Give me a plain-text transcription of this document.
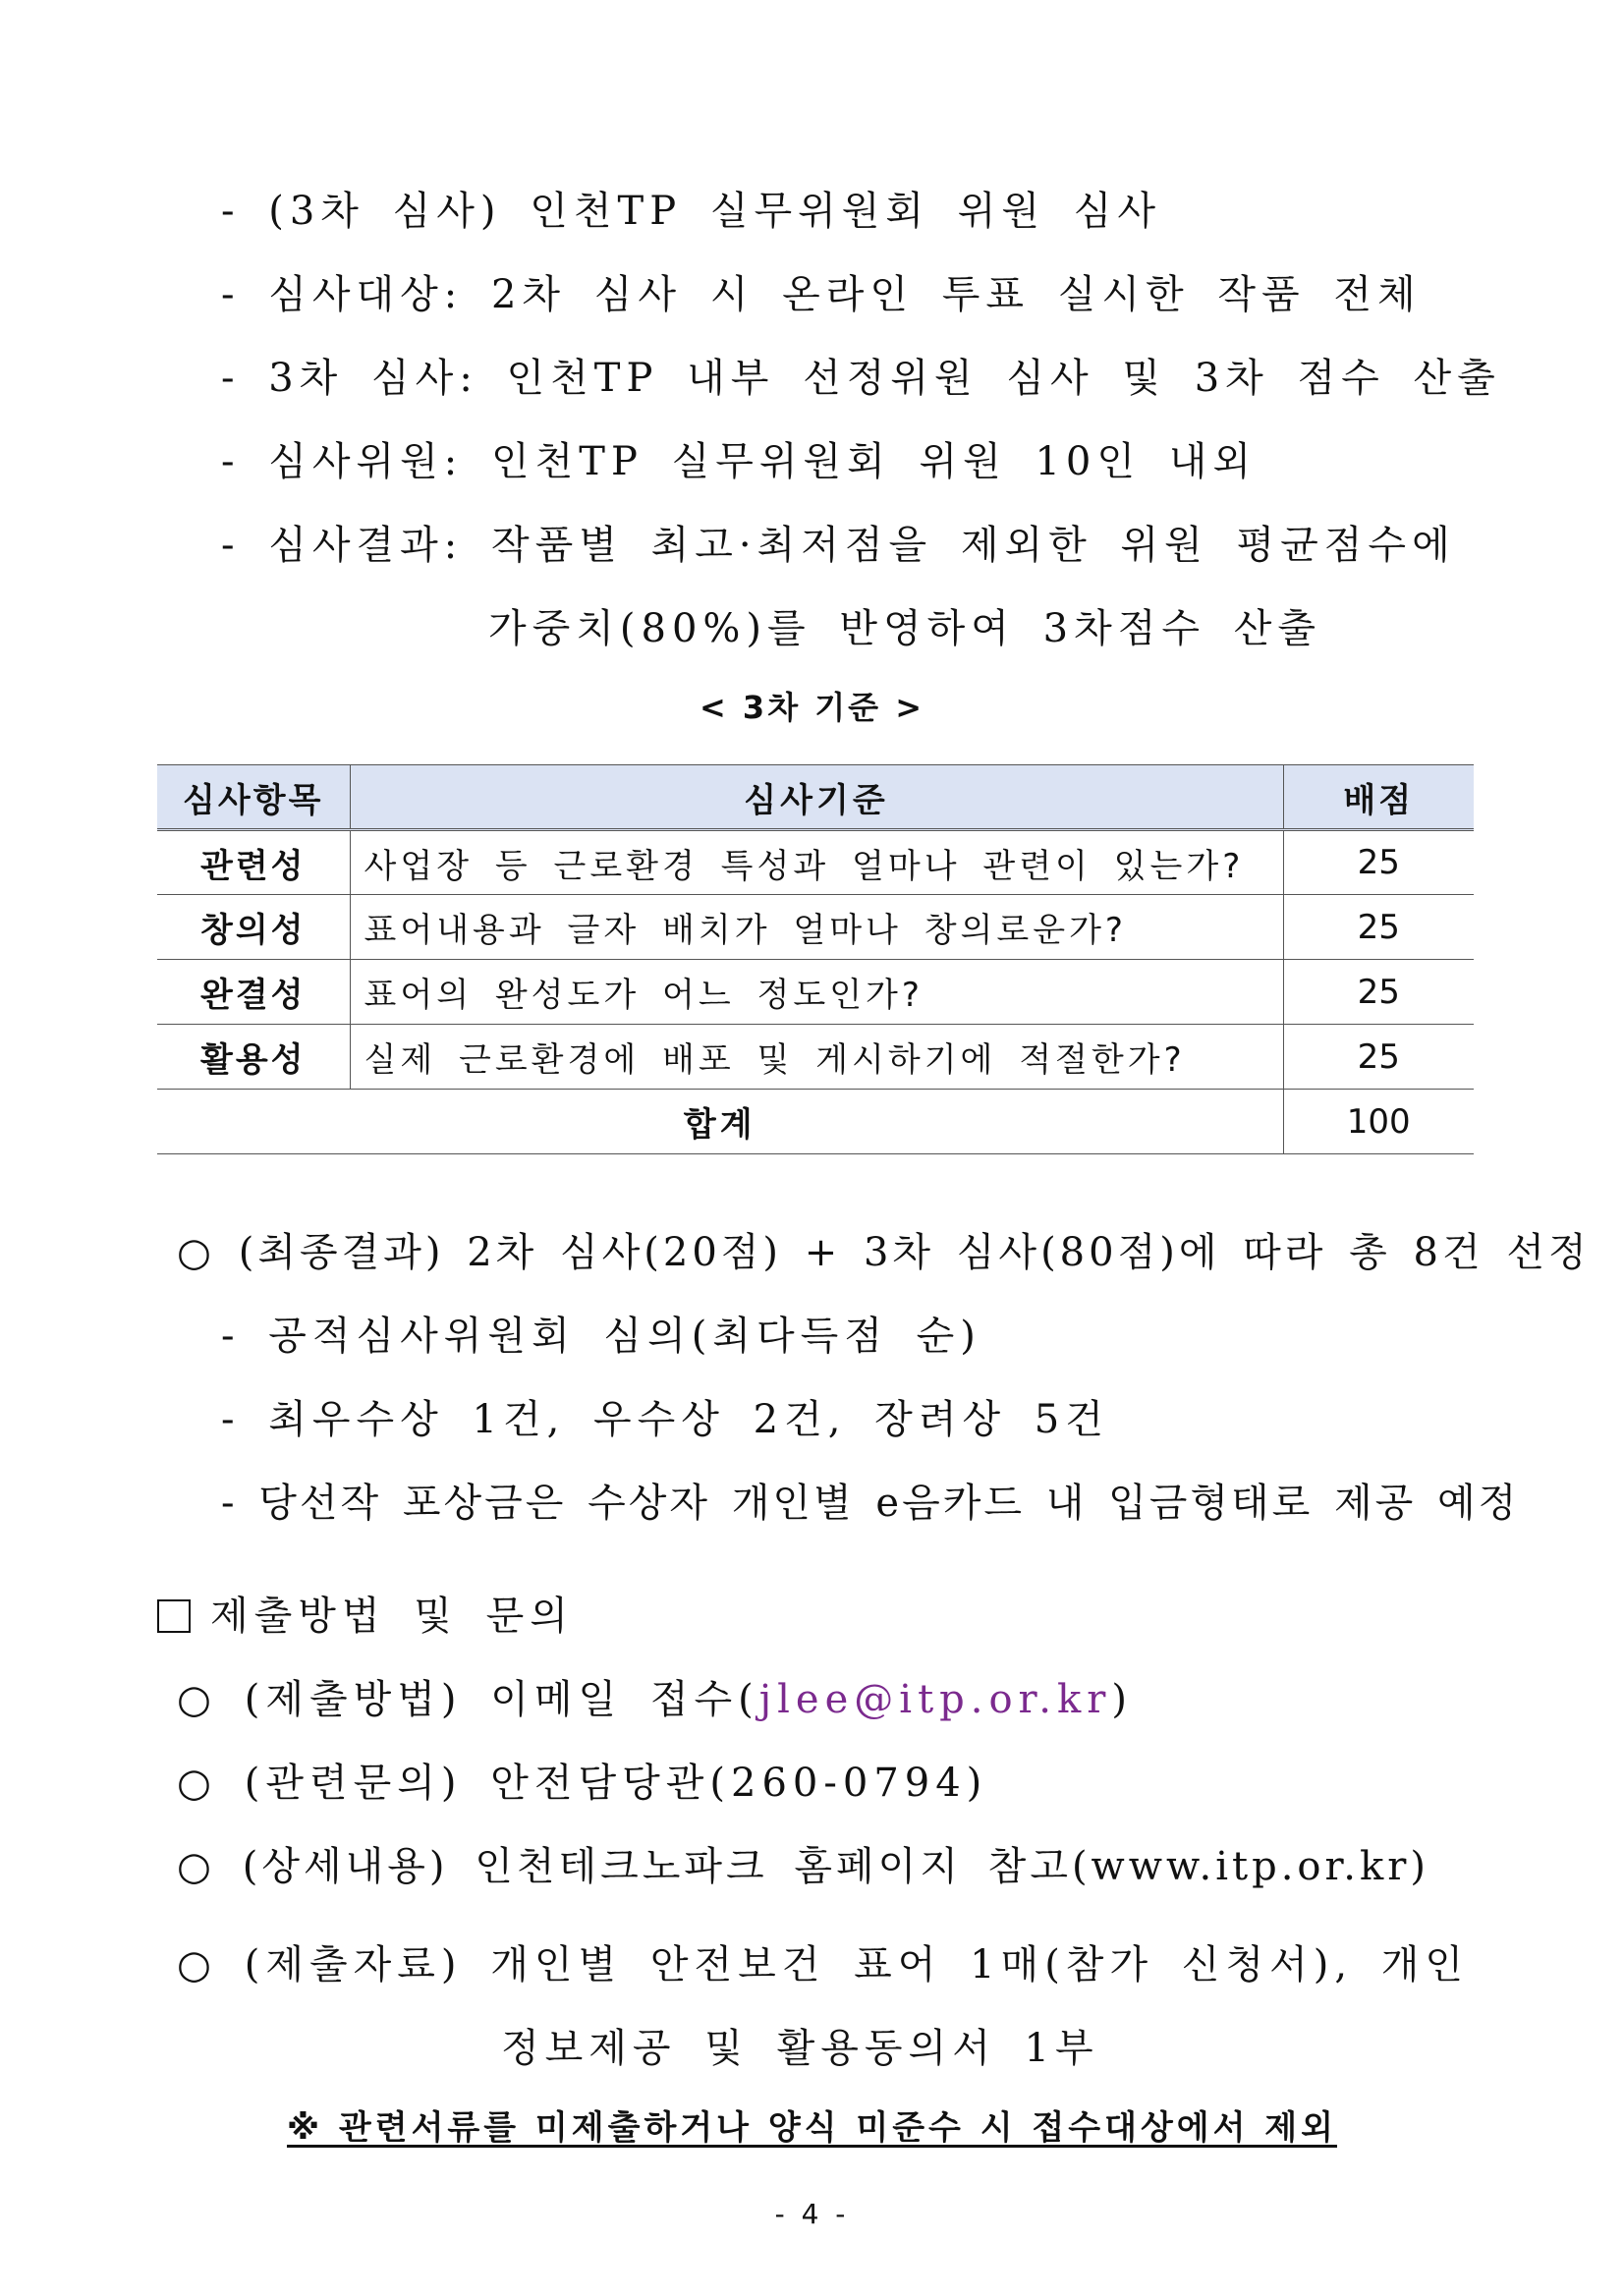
- (3차 심사) 인천TP 실무위원회 위원 심사
- 심사대상: 2차 심사 시 온라인 투표 실시한 작품 전체
- 3차 심사: 인천TP 내부 선정위원 심사 및 3차 점수 산출
- 심사위원: 인천TP 실무위원회 위원 10인 내외
- 심사결과: 작품별 최고·최저점을 제외한 위원 평균점수에
가중치(80%)를 반영하여 3차점수 산출
< 3차 기준 >
심사항목	심사기준	배점
관련성	사업장 등 근로환경 특성과 얼마나 관련이 있는가?	25
창의성	표어내용과 글자 배치가 얼마나 창의로운가?	25
완결성	표어의 완성도가 어느 정도인가?	25
활용성	실제 근로환경에 배포 및 게시하기에 적절한가?	25
합계		100
○ (최종결과) 2차 심사(20점) + 3차 심사(80점)에 따라 총 8건 선정
- 공적심사위원회 심의(최다득점 순)
- 최우수상 1건, 우수상 2건, 장려상 5건
- 당선작 포상금은 수상자 개인별 e음카드 내 입금형태로 제공 예정
제출방법 및 문의
○ (제출방법) 이메일 접수(jlee@itp.or.kr)
○ (관련문의) 안전담당관(260-0794)
○ (상세내용) 인천테크노파크 홈페이지 참고(www.itp.or.kr)
○ (제출자료) 개인별 안전보건 표어 1매(참가 신청서), 개인
정보제공 및 활용동의서 1부
※ 관련서류를 미제출하거나 양식 미준수 시 접수대상에서 제외
- 4 -
